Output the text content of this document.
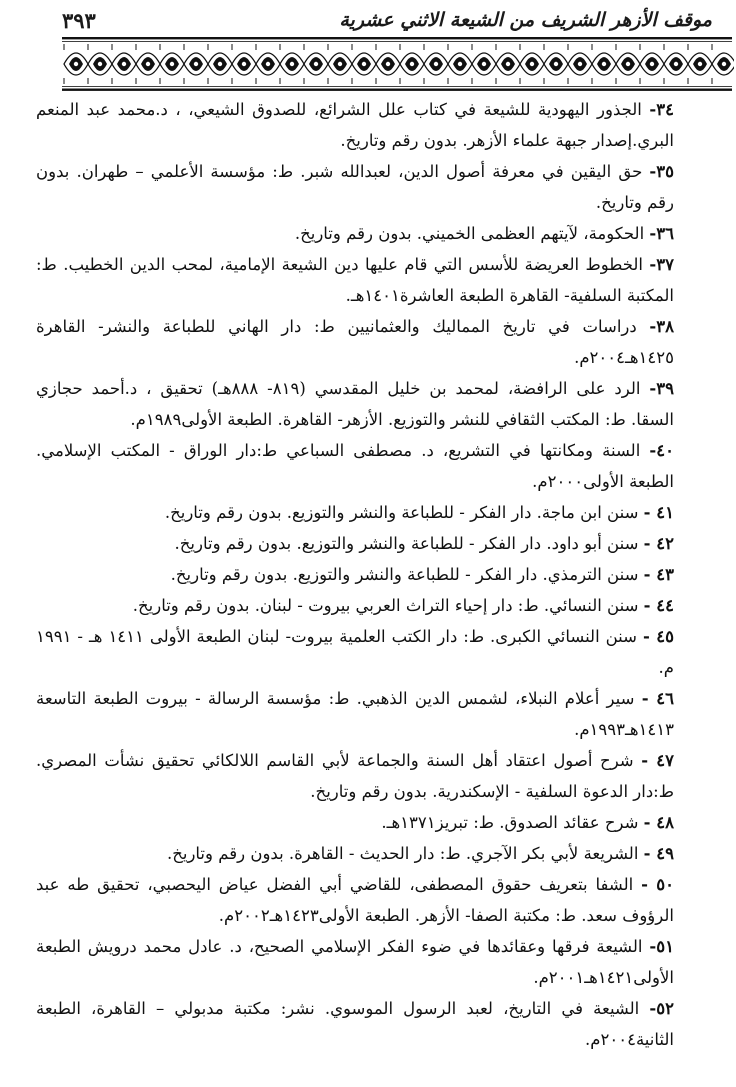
موقف الأزهر الشريف من الشيعة الاثني عشرية
٣٩٣
٣٤- الجذور اليهودية للشيعة في كتاب علل الشرائع، للصدوق الشيعي، ، د.محمد عبد المنعم البري.إصدار جبهة علماء الأزهر. بدون رقم وتاريخ.
٣٥- حق اليقين في معرفة أصول الدين، لعبدالله شبر. ط: مؤسسة الأعلمي – طهران. بدون رقم وتاريخ.
٣٦- الحكومة، لآيتهم العظمى الخميني. بدون رقم وتاريخ.
٣٧- الخطوط العريضة للأسس التي قام عليها دين الشيعة الإمامية، لمحب الدين الخطيب. ط: المكتبة السلفية- القاهرة الطبعة العاشرة١٤٠١هـ.
٣٨- دراسات في تاريخ المماليك والعثمانيين ط: دار الهاني للطباعة والنشر- القاهرة ١٤٢٥هـ٢٠٠٤م.
٣٩- الرد على الرافضة، لمحمد بن خليل المقدسي (٨١٩- ٨٨٨هـ) تحقيق ، د.أحمد حجازي السقا. ط: المكتب الثقافي للنشر والتوزيع. الأزهر- القاهرة. الطبعة الأولى١٩٨٩م.
٤٠- السنة ومكانتها في التشريع، د. مصطفى السباعي ط:دار الوراق - المكتب الإسلامي. الطبعة الأولى٢٠٠٠م.
٤١ - سنن ابن ماجة. دار الفكر - للطباعة والنشر والتوزيع. بدون رقم وتاريخ.
٤٢ - سنن أبو داود. دار الفكر - للطباعة والنشر والتوزيع. بدون رقم وتاريخ.
٤٣ - سنن الترمذي. دار الفكر - للطباعة والنشر والتوزيع. بدون رقم وتاريخ.
٤٤ - سنن النسائي. ط: دار إحياء التراث العربي بيروت - لبنان. بدون رقم وتاريخ.
٤٥ - سنن النسائي الكبرى. ط: دار الكتب العلمية بيروت- لبنان الطبعة الأولى ١٤١١ هـ - ١٩٩١ م.
٤٦ - سير أعلام النبلاء، لشمس الدين الذهبي. ط: مؤسسة الرسالة - بيروت الطبعة التاسعة ١٤١٣هـ١٩٩٣م.
٤٧ - شرح أصول اعتقاد أهل السنة والجماعة لأبي القاسم اللالكائي تحقيق نشأت المصري. ط:دار الدعوة السلفية - الإسكندرية. بدون رقم وتاريخ.
٤٨ - شرح عقائد الصدوق. ط: تبريز١٣٧١هـ.
٤٩ - الشريعة لأبي بكر الآجري. ط: دار الحديث - القاهرة. بدون رقم وتاريخ.
٥٠ - الشفا بتعريف حقوق المصطفى، للقاضي أبي الفضل عياض اليحصبي، تحقيق طه عبد الرؤوف سعد. ط: مكتبة الصفا- الأزهر. الطبعة الأولى١٤٢٣هـ٢٠٠٢م.
٥١- الشيعة فرقها وعقائدها في ضوء الفكر الإسلامي الصحيح، د. عادل محمد درويش الطبعة الأولى١٤٢١هـ٢٠٠١م.
٥٢- الشيعة في التاريخ، لعبد الرسول الموسوي. نشر: مكتبة مدبولي – القاهرة، الطبعة الثانية٢٠٠٤م.
